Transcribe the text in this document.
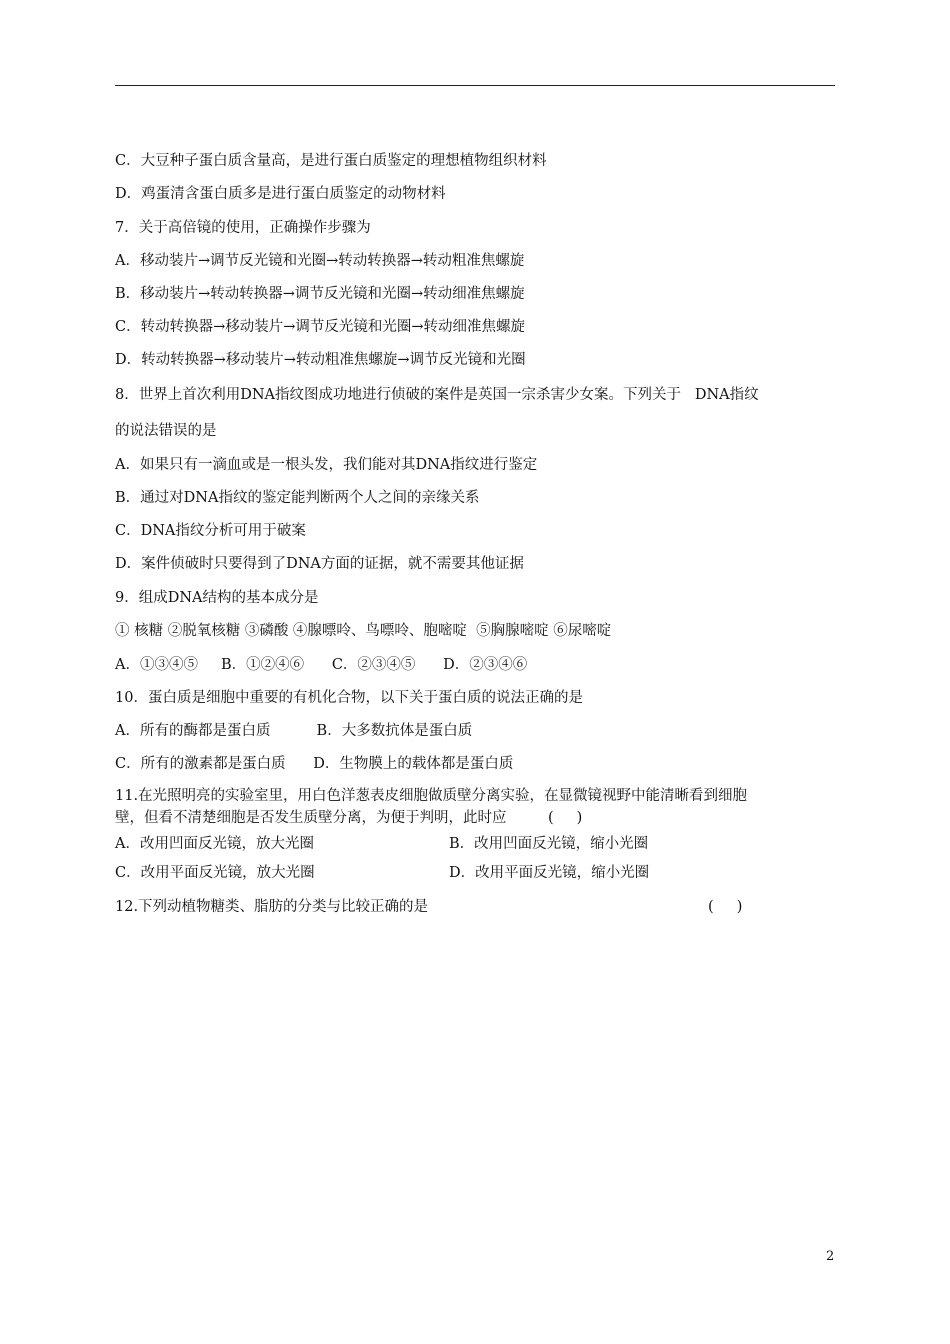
C．大豆种子蛋白质含量高，是进行蛋白质鉴定的理想植物组织材料
D．鸡蛋清含蛋白质多是进行蛋白质鉴定的动物材料
7．关于高倍镜的使用，正确操作步骤为
A．移动装片→调节反光镜和光圈→转动转换器→转动粗准焦螺旋
B．移动装片→转动转换器→调节反光镜和光圈→转动细准焦螺旋
C．转动转换器→移动装片→调节反光镜和光圈→转动细准焦螺旋
D．转动转换器→移动装片→转动粗准焦螺旋→调节反光镜和光圈
8．世界上首次利用DNA指纹图成功地进行侦破的案件是英国一宗杀害少女案。下列关于   DNA指纹
的说法错误的是
A．如果只有一滴血或是一根头发，我们能对其DNA指纹进行鉴定
B．通过对DNA指纹的鉴定能判断两个人之间的亲缘关系
C．DNA指纹分析可用于破案
D．案件侦破时只要得到了DNA方面的证据，就不需要其他证据
9．组成DNA结构的基本成分是
① 核糖 ②脱氧核糖 ③磷酸 ④腺嘌呤、鸟嘌呤、胞嘧啶  ⑤胸腺嘧啶 ⑥尿嘧啶
A．①③④⑤     B．①②④⑥      C．②③④⑤      D．②③④⑥
10．蛋白质是细胞中重要的有机化合物，以下关于蛋白质的说法正确的是
A．所有的酶都是蛋白质          B．大多数抗体是蛋白质
C．所有的激素都是蛋白质      D．生物膜上的载体都是蛋白质
11.在光照明亮的实验室里，用白色洋葱表皮细胞做质壁分离实验，在显微镜视野中能清晰看到细胞
壁，但看不清楚细胞是否发生质壁分离，为便于判明，此时应         (     )
A．改用凹面反光镜，放大光圈	B．改用凹面反光镜，缩小光圈
C．改用平面反光镜，放大光圈	D．改用平面反光镜，缩小光圈
12.下列动植物糖类、脂肪的分类与比较正确的是	(     )
2
